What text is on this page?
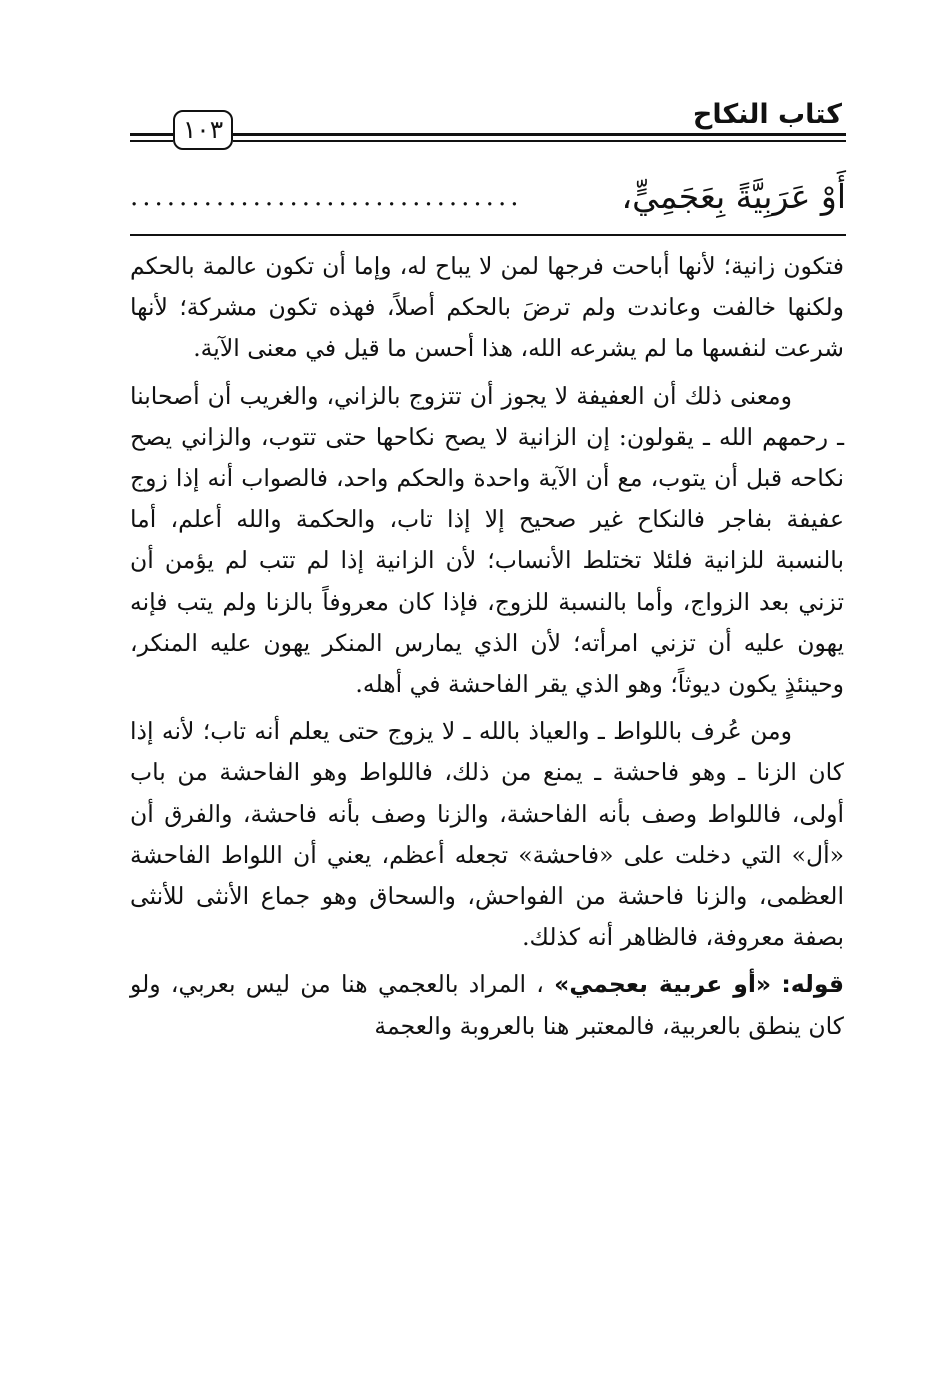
كتاب النكاح
١٠٣
أَوْ عَرَبِيَّةً بِعَجَمِيٍّ،
................................

فتكون زانية؛ لأنها أباحت فرجها لمن لا يباح له، وإما أن تكون عالمة بالحكم ولكنها خالفت وعاندت ولم ترضَ بالحكم أصلاً، فهذه تكون مشركة؛ لأنها شرعت لنفسها ما لم يشرعه الله، هذا أحسن ما قيل في معنى الآية.

ومعنى ذلك أن العفيفة لا يجوز أن تتزوج بالزاني، والغريب أن أصحابنا ـ رحمهم الله ـ يقولون: إن الزانية لا يصح نكاحها حتى تتوب، والزاني يصح نكاحه قبل أن يتوب، مع أن الآية واحدة والحكم واحد، فالصواب أنه إذا زوج عفيفة بفاجر فالنكاح غير صحيح إلا إذا تاب، والحكمة والله أعلم، أما بالنسبة للزانية فلئلا تختلط الأنساب؛ لأن الزانية إذا لم تتب لم يؤمن أن تزني بعد الزواج، وأما بالنسبة للزوج، فإذا كان معروفاً بالزنا ولم يتب فإنه يهون عليه أن تزني امرأته؛ لأن الذي يمارس المنكر يهون عليه المنكر، وحينئذٍ يكون ديوثاً؛ وهو الذي يقر الفاحشة في أهله.

ومن عُرف باللواط ـ والعياذ بالله ـ لا يزوج حتى يعلم أنه تاب؛ لأنه إذا كان الزنا ـ وهو فاحشة ـ يمنع من ذلك، فاللواط وهو الفاحشة من باب أولى، فاللواط وصف بأنه الفاحشة، والزنا وصف بأنه فاحشة، والفرق أن «أل» التي دخلت على «فاحشة» تجعله أعظم، يعني أن اللواط الفاحشة العظمى، والزنا فاحشة من الفواحش، والسحاق وهو جماع الأنثى للأنثى بصفة معروفة، فالظاهر أنه كذلك.

قوله: «أو عربية بعجمي» ، المراد بالعجمي هنا من ليس بعربي، ولو كان ينطق بالعربية، فالمعتبر هنا بالعروبة والعجمة
